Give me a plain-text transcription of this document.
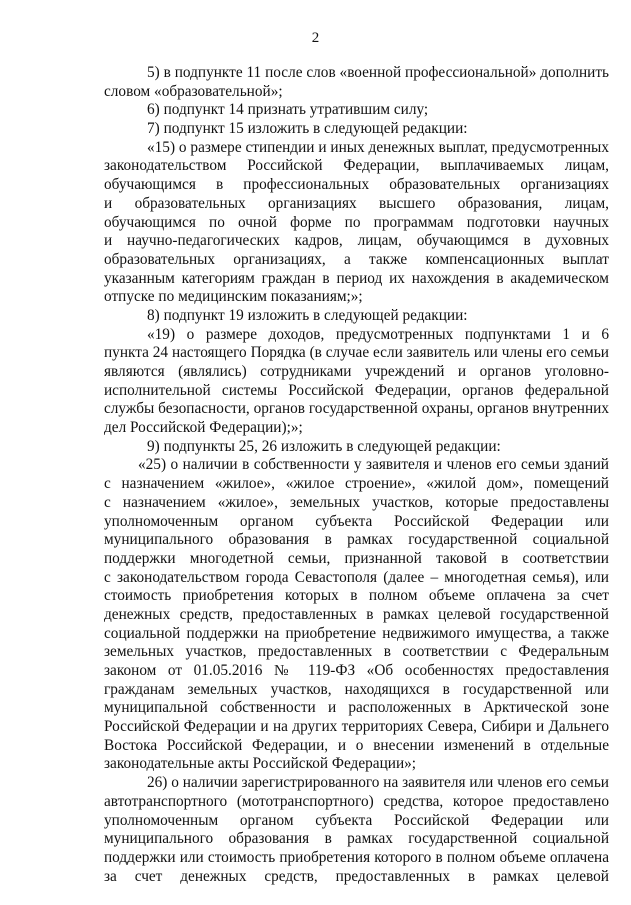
2
5) в подпункте 11 после слов «военной профессиональной» дополнить
словом «образовательной»;
6) подпункт 14 признать утратившим силу;
7) подпункт 15 изложить в следующей редакции:
«15) о размере стипендии и иных денежных выплат, предусмотренных
законодательством Российской Федерации, выплачиваемых лицам,
обучающимся в профессиональных образовательных организациях
и образовательных организациях высшего образования, лицам,
обучающимся по очной форме по программам подготовки научных
и научно-педагогических кадров, лицам, обучающимся в духовных
образовательных организациях, а также компенсационных выплат
указанным категориям граждан в период их нахождения в академическом
отпуске по медицинским показаниям;»;
8) подпункт 19 изложить в следующей редакции:
«19) о размере доходов, предусмотренных подпунктами 1 и 6
пункта 24 настоящего Порядка (в случае если заявитель или члены его семьи
являются (являлись) сотрудниками учреждений и органов уголовно-
исполнительной системы Российской Федерации, органов федеральной
службы безопасности, органов государственной охраны, органов внутренних
дел Российской Федерации);»;
9) подпункты 25, 26 изложить в следующей редакции:
«25) о наличии в собственности у заявителя и членов его семьи зданий
с назначением «жилое», «жилое строение», «жилой дом», помещений
с назначением «жилое», земельных участков, которые предоставлены
уполномоченным органом субъекта Российской Федерации или
муниципального образования в рамках государственной социальной
поддержки многодетной семьи, признанной таковой в соответствии
с законодательством города Севастополя (далее – многодетная семья), или
стоимость приобретения которых в полном объеме оплачена за счет
денежных средств, предоставленных в рамках целевой государственной
социальной поддержки на приобретение недвижимого имущества, а также
земельных участков, предоставленных в соответствии с Федеральным
законом от 01.05.2016 № 119-ФЗ «Об особенностях предоставления
гражданам земельных участков, находящихся в государственной или
муниципальной собственности и расположенных в Арктической зоне
Российской Федерации и на других территориях Севера, Сибири и Дальнего
Востока Российской Федерации, и о внесении изменений в отдельные
законодательные акты Российской Федерации»;
26) о наличии зарегистрированного на заявителя или членов его семьи
автотранспортного (мототранспортного) средства, которое предоставлено
уполномоченным органом субъекта Российской Федерации или
муниципального образования в рамках государственной социальной
поддержки или стоимость приобретения которого в полном объеме оплачена
за счет денежных средств, предоставленных в рамках целевой
